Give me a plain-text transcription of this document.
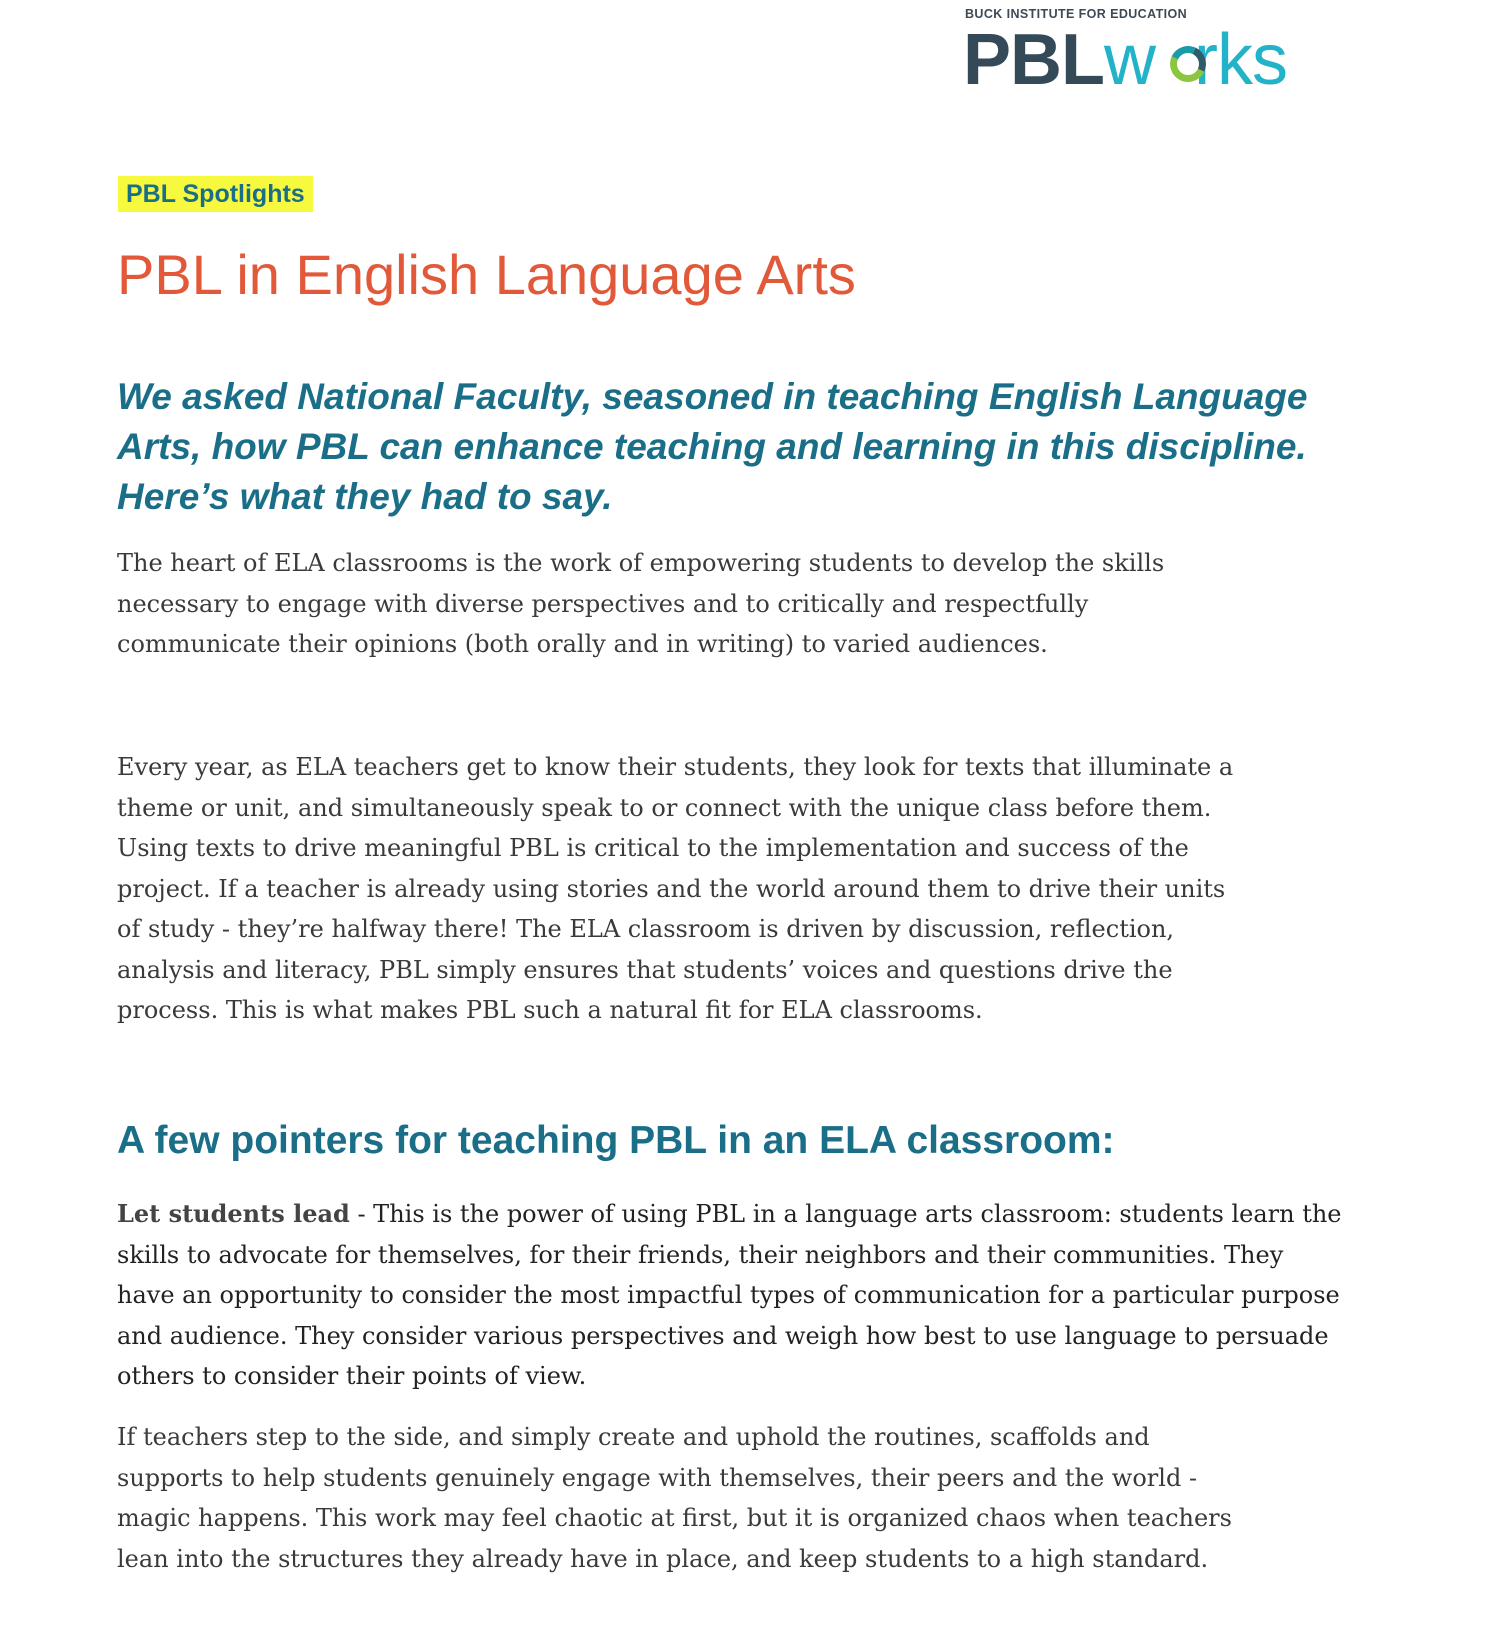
BUCK INSTITUTE FOR EDUCATION
PBLw rks
PBL Spotlights
PBL in English Language Arts

We asked National Faculty, seasoned in teaching English Language Arts, how PBL can enhance teaching and learning in this discipline. Here’s what they had to say.

The heart of ELA classrooms is the work of empowering students to develop the skills necessary to engage with diverse perspectives and to critically and respectfully communicate their opinions (both orally and in writing) to varied audiences.

Every year, as ELA teachers get to know their students, they look for texts that illuminate a theme or unit, and simultaneously speak to or connect with the unique class before them. Using texts to drive meaningful PBL is critical to the implementation and success of the project. If a teacher is already using stories and the world around them to drive their units of study - they’re halfway there! The ELA classroom is driven by discussion, reflection, analysis and literacy, PBL simply ensures that students’ voices and questions drive the process. This is what makes PBL such a natural fit for ELA classrooms.

A few pointers for teaching PBL in an ELA classroom:

Let students lead - This is the power of using PBL in a language arts classroom: students learn the skills to advocate for themselves, for their friends, their neighbors and their communities. They have an opportunity to consider the most impactful types of communication for a particular purpose and audience. They consider various perspectives and weigh how best to use language to persuade others to consider their points of view.

If teachers step to the side, and simply create and uphold the routines, scaffolds and supports to help students genuinely engage with themselves, their peers and the world - magic happens. This work may feel chaotic at first, but it is organized chaos when teachers lean into the structures they already have in place, and keep students to a high standard.
